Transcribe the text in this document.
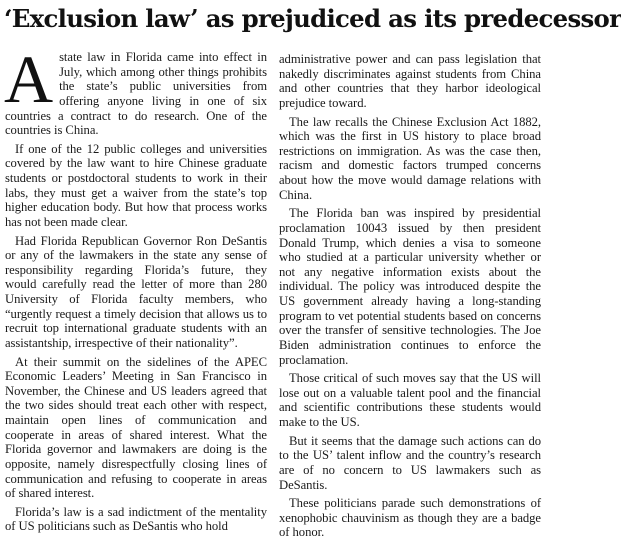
‘Exclusion law’ as prejudiced as its predecessor

Astate law in Florida came into effect in July, which among other things prohibits the state’s public universities from offering anyone living in one of six countries a contract to do research. One of the countries is China.

If one of the 12 public colleges and universities covered by the law want to hire Chinese graduate students or postdoctoral students to work in their labs, they must get a waiver from the state’s top higher education body. But how that process works has not been made clear.

Had Florida Republican Governor Ron DeSantis or any of the lawmakers in the state any sense of responsibility regarding Florida’s future, they would carefully read the letter of more than 280 University of Florida faculty members, who “urgently request a timely decision that allows us to recruit top international graduate students with an assistantship, irrespective of their nationality”.

At their summit on the sidelines of the APEC Economic Leaders’ Meeting in San Francisco in November, the Chinese and US leaders agreed that the two sides should treat each other with respect, maintain open lines of communication and cooperate in areas of shared interest. What the Florida governor and lawmakers are doing is the opposite, namely disrespectfully closing lines of communication and refusing to cooperate in areas of shared interest.

Florida’s law is a sad indictment of the mentality of US politicians such as DeSantis who hold

administrative power and can pass legislation that nakedly discriminates against students from China and other countries that they harbor ideological prejudice toward.

The law recalls the Chinese Exclusion Act 1882, which was the first in US history to place broad restrictions on immigration. As was the case then, racism and domestic factors trumped concerns about how the move would damage relations with China.

The Florida ban was inspired by presidential proclamation 10043 issued by then president Donald Trump, which denies a visa to someone who studied at a particular university whether or not any negative information exists about the individual. The policy was introduced despite the US government already having a long-standing program to vet potential students based on concerns over the transfer of sensitive technologies. The Joe Biden administration continues to enforce the proclamation.

Those critical of such moves say that the US will lose out on a valuable talent pool and the financial and scientific contributions these students would make to the US.

But it seems that the damage such actions can do to the US’ talent inflow and the country’s research are of no concern to US lawmakers such as DeSantis.

These politicians parade such demonstrations of xenophobic chauvinism as though they are a badge of honor.
